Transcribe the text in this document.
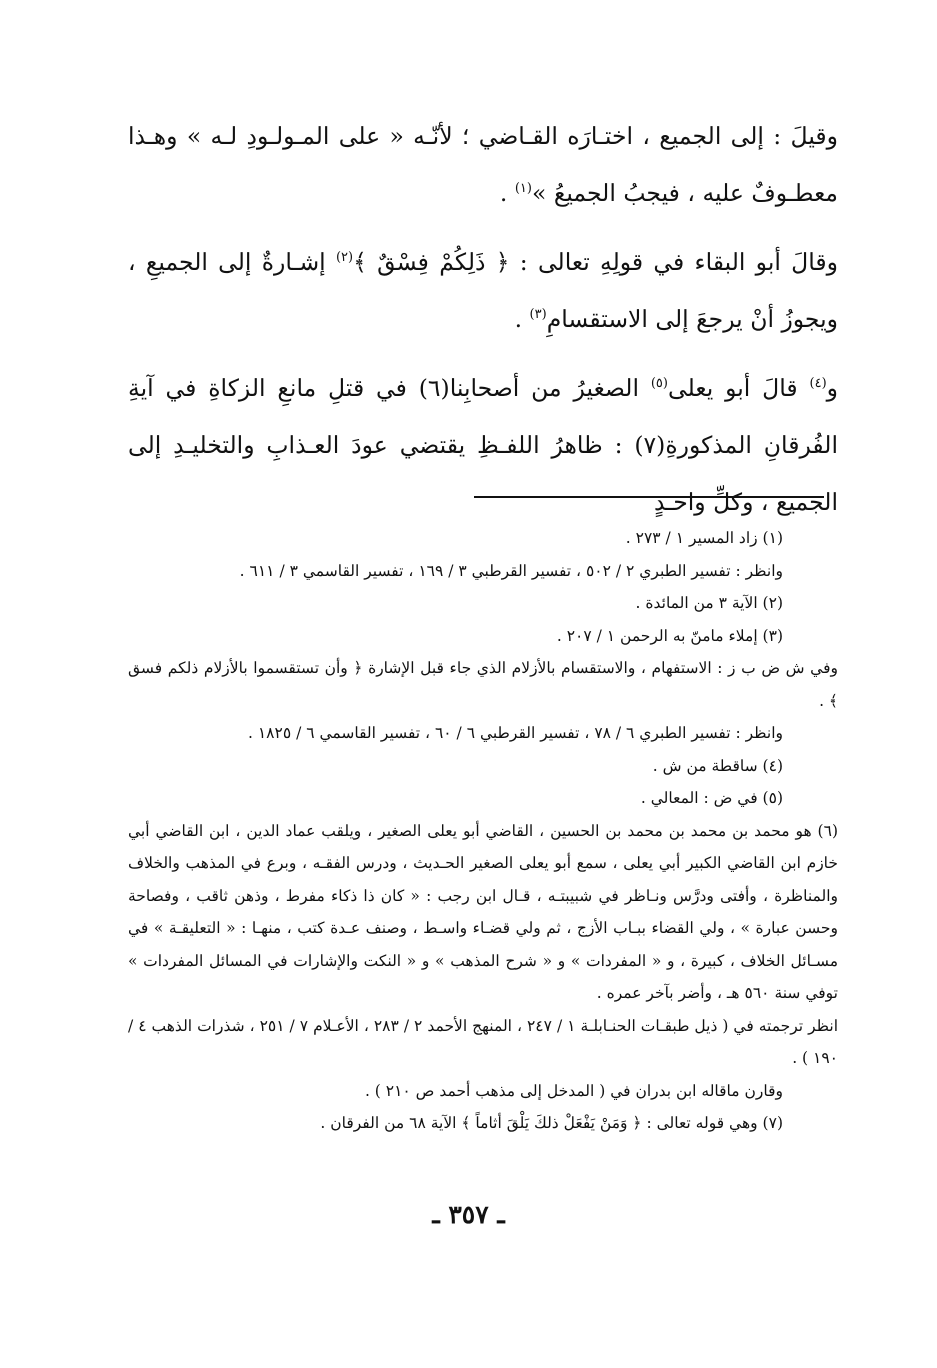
وقيلَ : إلى الجميع ، اختـارَه القـاضي ؛ لأنّـه « على المـولـودِ لـه » وهـذا معطـوفٌ عليه ، فيجبُ الجميعُ »$^{(١)}$ .

وقالَ أبو البقاء في قولِهِ تعالى : ﴿ ذَلِكُمْ فِسْقٌ ﴾$^{(٢)}$ إشـارةٌ إلى الجميعِ ، ويجوزُ أنْ يرجعَ إلى الاستقسامِ$^{(٣)}$ .

و$^{(٤)}$ قالَ أبو يعلى$^{(٥)}$ الصغيرُ من أصحابِنا(٦) في قتلِ مانعِ الزكاةِ في آيةِ الفُرقانِ المذكورةِ(٧) : ظاهرُ اللفـظِ يقتضي عودَ العـذابِ والتخليـدِ إلى الجميع ، وكلِّ واحـدٍ

(١) زاد المسير ١ / ٢٧٣ .

وانظر : تفسير الطبري ٢ / ٥٠٢ ، تفسير القرطبي ٣ / ١٦٩ ، تفسير القاسمي ٣ / ٦١١ .

(٢) الآية ٣ من المائدة .

(٣) إملاء مامنّ به الرحمن ١ / ٢٠٧ .

وفي ش ض ب ز : الاستفهام ، والاستقسام بالأزلام الذي جاء قبل الإشارة ﴿ وأن تستقسموا بالأزلام ذلكم فسق ﴾ .

وانظر : تفسير الطبري ٦ / ٧٨ ، تفسير القرطبي ٦ / ٦٠ ، تفسير القاسمي ٦ / ١٨٢٥ .

(٤) ساقطة من ش .

(٥) في ض : المعالي .

(٦) هو محمد بن محمد بن محمد بن الحسين ، القاضي أبو يعلى الصغير ، ويلقب عماد الدين ، ابن القاضي أبي خازم ابن القاضي الكبير أبي يعلى ، سمع أبو يعلى الصغير الحـديث ، ودرس الفقـه ، وبرع في المذهب والخلاف والمناظرة ، وأفتى ودرَّس ونـاظر في شبيبتـه ، قـال ابن رجب : « كان ذا ذكاء مفرط ، وذهن ثاقب ، وفصاحة وحسن عبارة » ، ولي القضاء ببـاب الأزج ، ثم ولي قضـاء واسـط ، وصنف عـدة كتب ، منهـا : « التعليقـة » في مسـائل الخلاف ، كبيرة ، و « المفردات » و « شرح المذهب » و « النكت والإشارات في المسائل المفردات » توفي سنة ٥٦٠ هـ ، وأضر بآخر عمره .

انظر ترجمته في ( ذيل طبقـات الحنـابلـة ١ / ٢٤٧ ، المنهج الأحمد ٢ / ٢٨٣ ، الأعـلام ٧ / ٢٥١ ، شذرات الذهب ٤ / ١٩٠ ) .

وقارن ماقاله ابن بدران في ( المدخل إلى مذهب أحمد ص ٢١٠ ) .

(٧) وهي قوله تعالى : ﴿ وَمَنْ يَفْعَلْ ذلكَ يَلْقَ أثاماً ﴾ الآية ٦٨ من الفرقان .

ـ ٣٥٧ ـ
